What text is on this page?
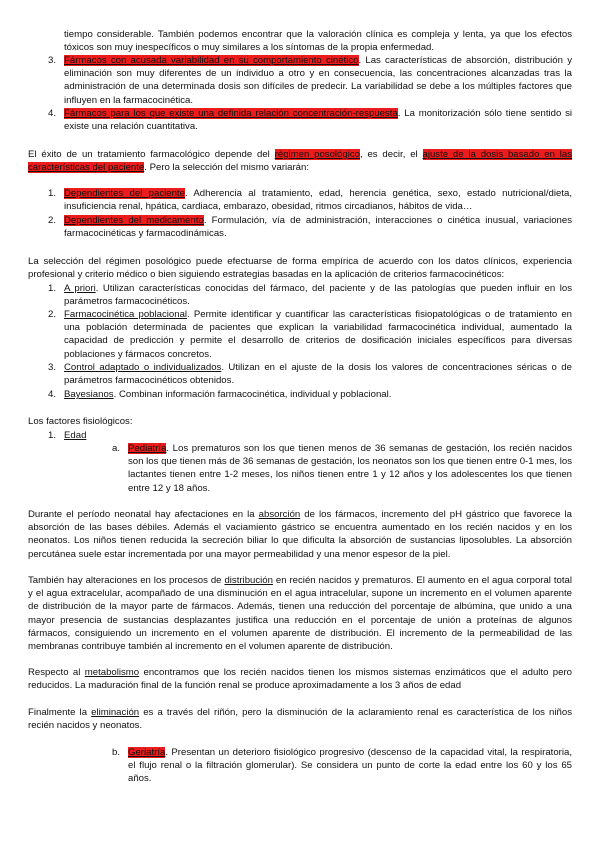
tiempo considerable. También podemos encontrar que la valoración clínica es compleja y lenta, ya que los efectos tóxicos son muy inespecíficos o muy similares a los síntomas de la propia enfermedad.

3. Fármacos con acusada variabilidad en su comportamiento cinético. Las características de absorción, distribución y eliminación son muy diferentes de un individuo a otro y en consecuencia, las concentraciones alcanzadas tras la administración de una determinada dosis son difíciles de predecir. La variabilidad se debe a los múltiples factores que influyen en la farmacocinética.
4. Fármacos para los que existe una definida relación concentración-respuesta. La monitorización sólo tiene sentido si existe una relación cuantitativa.

El éxito de un tratamiento farmacológico depende del régimen posológico, es decir, el ajuste de la dosis basado en las características del paciente. Pero la selección del mismo variarán:

1. Dependientes del paciente. Adherencia al tratamiento, edad, herencia genética, sexo, estado nutricional/dieta, insuficiencia renal, hpática, cardiaca, embarazo, obesidad, ritmos circadianos, hábitos de vida…
2. Dependientes del medicamento. Formulación, vía de administración, interacciones o cinética inusual, variaciones farmacocinéticas y farmacodinámicas.

La selección del régimen posológico puede efectuarse de forma empírica de acuerdo con los datos clínicos, experiencia profesional y criterio médico o bien siguiendo estrategias basadas en la aplicación de criterios farmacocinéticos:

1. A priori. Utilizan características conocidas del fármaco, del paciente y de las patologías que pueden influir en los parámetros farmacocinéticos.
2. Farmacocinética poblacional. Permite identificar y cuantificar las características fisiopatológicas o de tratamiento en una población determinada de pacientes que explican la variabilidad farmacocinética individual, aumentado la capacidad de predicción y permite el desarrollo de criterios de dosificación iniciales específicos para diversas poblaciones y fármacos concretos.
3. Control adaptado o individualizados. Utilizan en el ajuste de la dosis los valores de concentraciones séricas o de parámetros farmacocinéticos obtenidos.
4. Bayesianos. Combinan información farmacocinética, individual y poblacional.

Los factores fisiológicos:

1. Edad
a. Pediatría. Los prematuros son los que tienen menos de 36 semanas de gestación, los recién nacidos son los que tienen más de 36 semanas de gestación, los neonatos son los que tienen entre 0-1 mes, los lactantes tienen entre 1-2 meses, los niños tienen entre 1 y 12 años y los adolescentes los que tienen entre 12 y 18 años.

Durante el período neonatal hay afectaciones en la absorción de los fármacos, incremento del pH gástrico que favorece la absorción de las bases débiles. Además el vaciamiento gástrico se encuentra aumentado en los recién nacidos y en los neonatos. Los niños tienen reducida la secreción biliar lo que dificulta la absorción de sustancias liposolubles. La absorción percutánea suele estar incrementada por una mayor permeabilidad y una menor espesor de la piel.

También hay alteraciones en los procesos de distribución en recién nacidos y prematuros. El aumento en el agua corporal total y el agua extracelular, acompañado de una disminución en el agua intracelular, supone un incremento en el volumen aparente de distribución de la mayor parte de fármacos. Además, tienen una reducción del porcentaje de albúmina, que unido a una mayor presencia de sustancias desplazantes justifica una reducción en el porcentaje de unión a proteínas de algunos fármacos, consiguiendo un incremento en el volumen aparente de distribución. El incremento de la permeabilidad de las membranas contribuye también al incremento en el volumen aparente de distribución.

Respecto al metabolismo encontramos que los recién nacidos tienen los mismos sistemas enzimáticos que el adulto pero reducidos. La maduración final de la función renal se produce aproximadamente a los 3 años de edad

Finalmente la eliminación es a través del riñón, pero la disminución de la aclaramiento renal es característica de los niños recién nacidos y neonatos.

b. Geriatría. Presentan un deterioro fisiológico progresivo (descenso de la capacidad vital, la respiratoria, el flujo renal o la filtración glomerular). Se considera un punto de corte la edad entre los 60 y los 65 años.
